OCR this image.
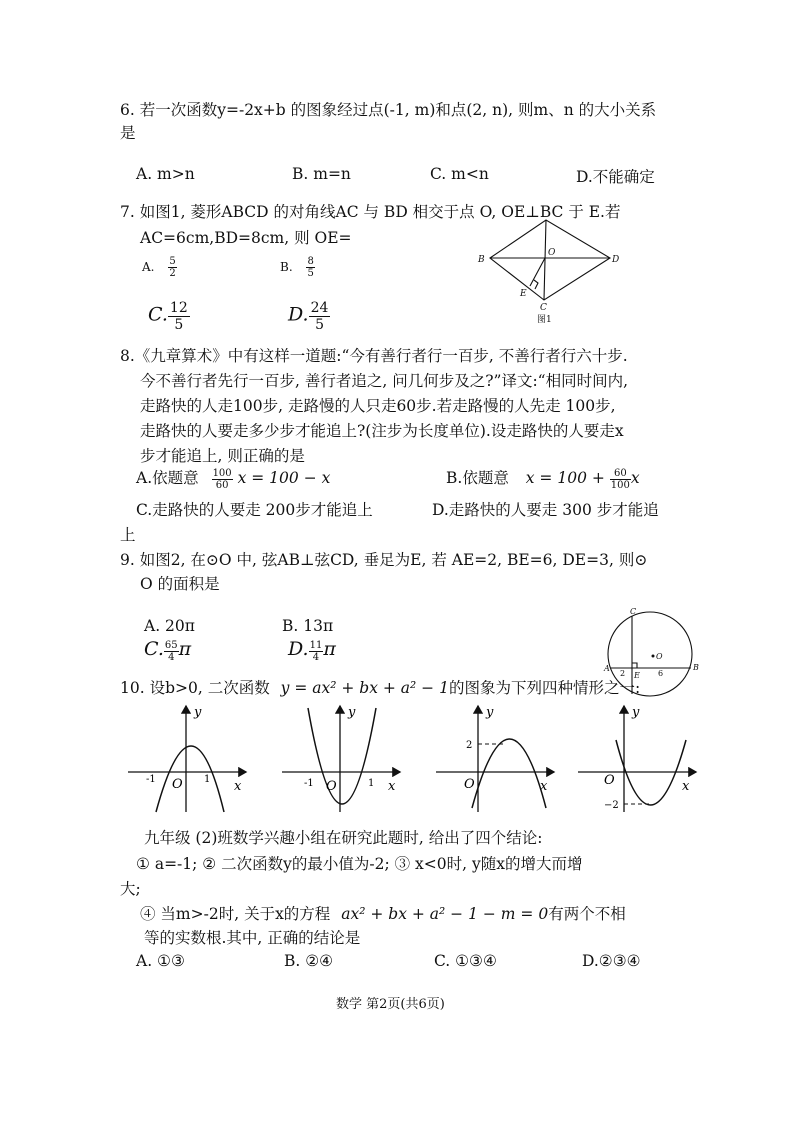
6. 若一次函数y=-2x+b 的图象经过点(-1, m)和点(2, n), 则m、n 的大小关系
是
A. m>n	B. m=n	C. m<n	D.不能确定
7. 如图1, 菱形ABCD 的对角线AC 与 BD 相交于点 O, OE⊥BC 于 E.若
AC=6cm,BD=8cm, 则 OE=
A. $\frac{5}{2}$	B. $\frac{8}{5}$
C. $\frac{12}{5}$	D. $\frac{24}{5}$
B
O
D
E
C
图1
8.《九章算术》中有这样一道题:“今有善行者行一百步, 不善行者行六十步.
今不善行者先行一百步, 善行者追之, 问几何步及之?”译文:“相同时间内,
走路快的人走100步, 走路慢的人只走60步.若走路慢的人先走 100步,
走路快的人要走多少步才能追上?(注步为长度单位).设走路快的人要走x
步才能追上, 则正确的是
A.依题意 $\frac{100}{60}$ x = 100 − x	B.依题意 $x = 100 + \frac{60}{100}$ x
C.走路快的人要走 200步才能追上	D.走路快的人要走 300 步才能追
上
9. 如图2, 在⊙O 中, 弦AB⊥弦CD, 垂足为E, 若 AE=2, BE=6, DE=3, 则⊙
O 的面积是
A. 20π	B. 13π
C. $\frac{65}{4}$ π	D. $\frac{11}{4}$ π
C
O
A
2 E 6
B
10. 设b>0, 二次函数 y = ax² + bx + a² − 1的图象为下列四种情形之一:
y
x
O
-1	1
y
x
O
-1	1
y
x
O
2
y
x
O
−2
九年级 (2)班数学兴趣小组在研究此题时, 给出了四个结论:
① a=-1; ② 二次函数y的最小值为-2; ③ x<0时, y随x的增大而增
大;
④ 当m>-2时, 关于x的方程 ax² + bx + a² − 1 − m = 0有两个不相
等的实数根.其中, 正确的结论是
A. ①③	B. ②④	C. ①③④	D.②③④
数学 第2页(共6页)
